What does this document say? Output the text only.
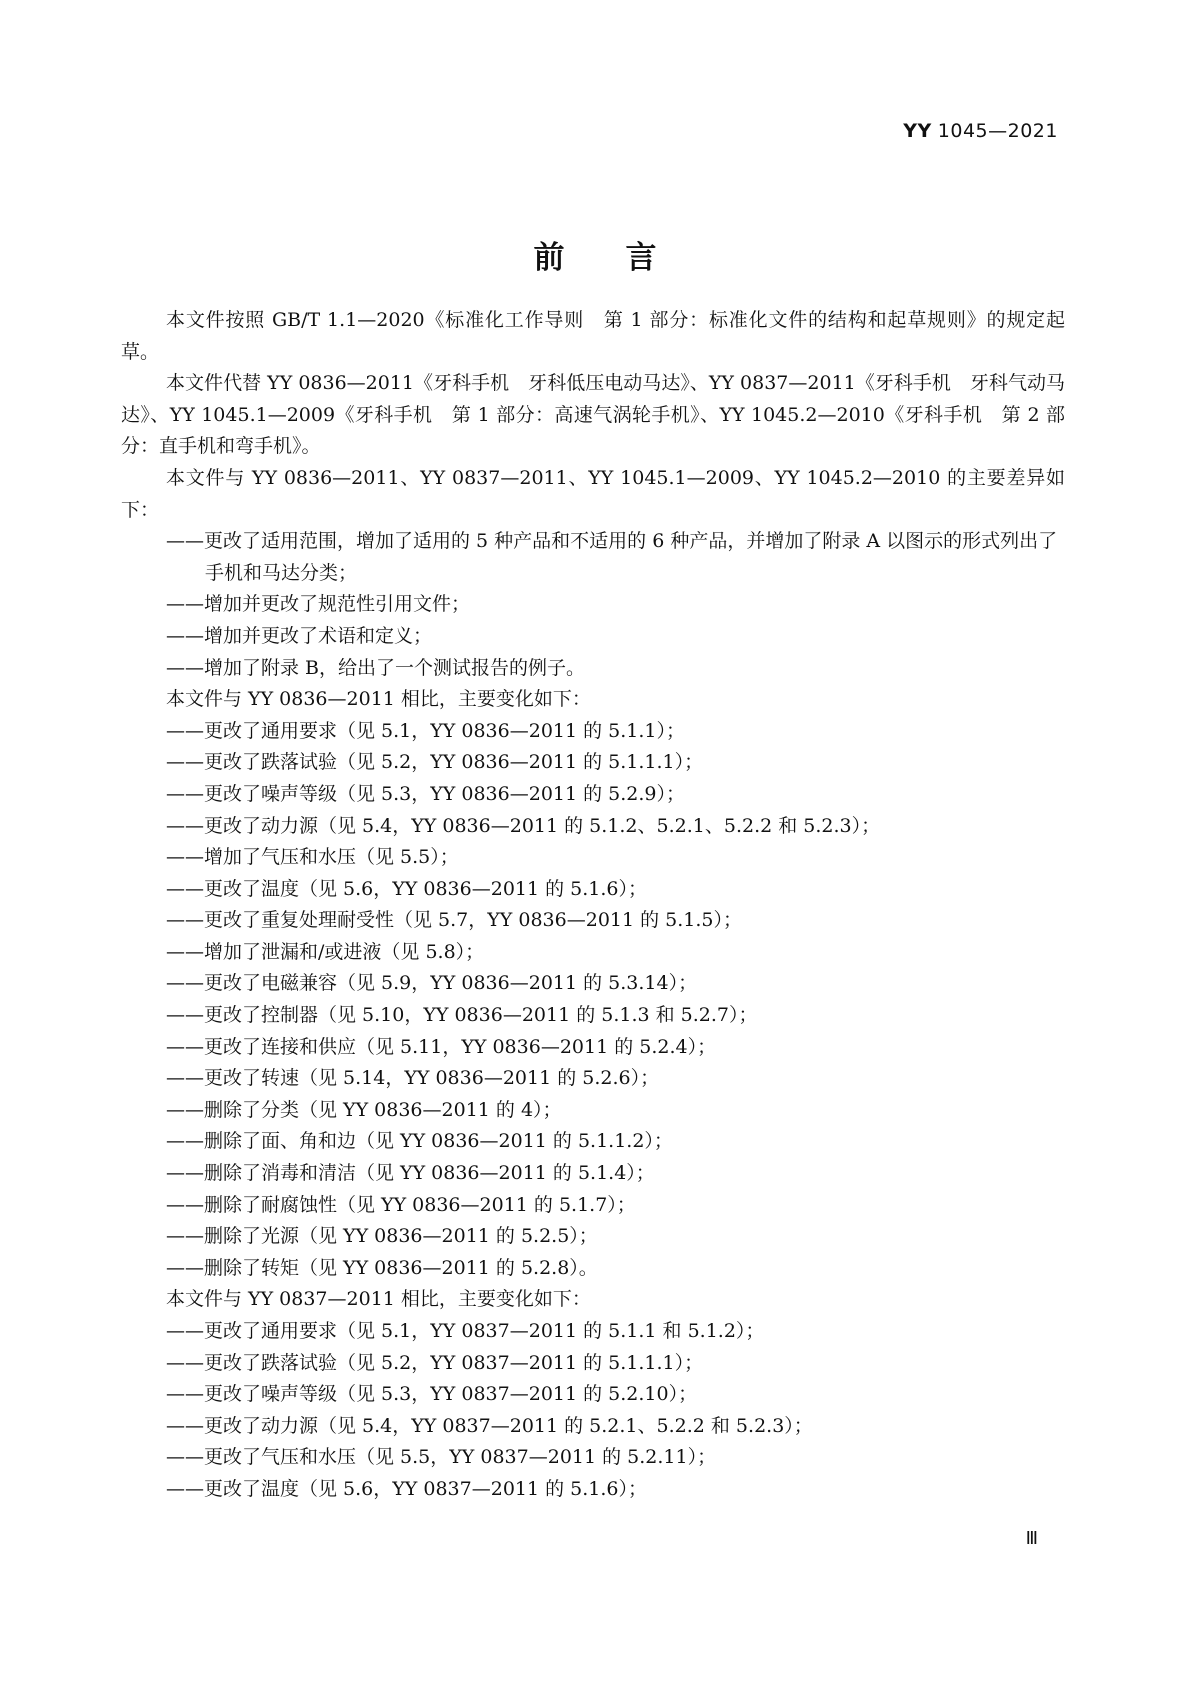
YY 1045—2021
前 言

本文件按照 GB/T 1.1—2020《标准化工作导则　第 1 部分：标准化文件的结构和起草规则》的规定起草。

本文件代替 YY 0836—2011《牙科手机　牙科低压电动马达》、YY 0837—2011《牙科手机　牙科气动马达》、YY 1045.1—2009《牙科手机　第 1 部分：高速气涡轮手机》、YY 1045.2—2010《牙科手机　第 2 部分：直手机和弯手机》。

本文件与 YY 0836—2011、YY 0837—2011、YY 1045.1—2009、YY 1045.2—2010 的主要差异如下：

——更改了适用范围，增加了适用的 5 种产品和不适用的 6 种产品，并增加了附录 A 以图示的形式列出了手机和马达分类；

——增加并更改了规范性引用文件；

——增加并更改了术语和定义；

——增加了附录 B，给出了一个测试报告的例子。

本文件与 YY 0836—2011 相比，主要变化如下：

——更改了通用要求（见 5.1，YY 0836—2011 的 5.1.1）；

——更改了跌落试验（见 5.2，YY 0836—2011 的 5.1.1.1）；

——更改了噪声等级（见 5.3，YY 0836—2011 的 5.2.9）；

——更改了动力源（见 5.4，YY 0836—2011 的 5.1.2、5.2.1、5.2.2 和 5.2.3）；

——增加了气压和水压（见 5.5）；

——更改了温度（见 5.6，YY 0836—2011 的 5.1.6）；

——更改了重复处理耐受性（见 5.7，YY 0836—2011 的 5.1.5）；

——增加了泄漏和/或进液（见 5.8）；

——更改了电磁兼容（见 5.9，YY 0836—2011 的 5.3.14）；

——更改了控制器（见 5.10，YY 0836—2011 的 5.1.3 和 5.2.7）；

——更改了连接和供应（见 5.11，YY 0836—2011 的 5.2.4）；

——更改了转速（见 5.14，YY 0836—2011 的 5.2.6）；

——删除了分类（见 YY 0836—2011 的 4）；

——删除了面、角和边（见 YY 0836—2011 的 5.1.1.2）；

——删除了消毒和清洁（见 YY 0836—2011 的 5.1.4）；

——删除了耐腐蚀性（见 YY 0836—2011 的 5.1.7）；

——删除了光源（见 YY 0836—2011 的 5.2.5）；

——删除了转矩（见 YY 0836—2011 的 5.2.8）。

本文件与 YY 0837—2011 相比，主要变化如下：

——更改了通用要求（见 5.1，YY 0837—2011 的 5.1.1 和 5.1.2）；

——更改了跌落试验（见 5.2，YY 0837—2011 的 5.1.1.1）；

——更改了噪声等级（见 5.3，YY 0837—2011 的 5.2.10）；

——更改了动力源（见 5.4，YY 0837—2011 的 5.2.1、5.2.2 和 5.2.3）；

——更改了气压和水压（见 5.5，YY 0837—2011 的 5.2.11）；

——更改了温度（见 5.6，YY 0837—2011 的 5.1.6）；

Ⅲ
